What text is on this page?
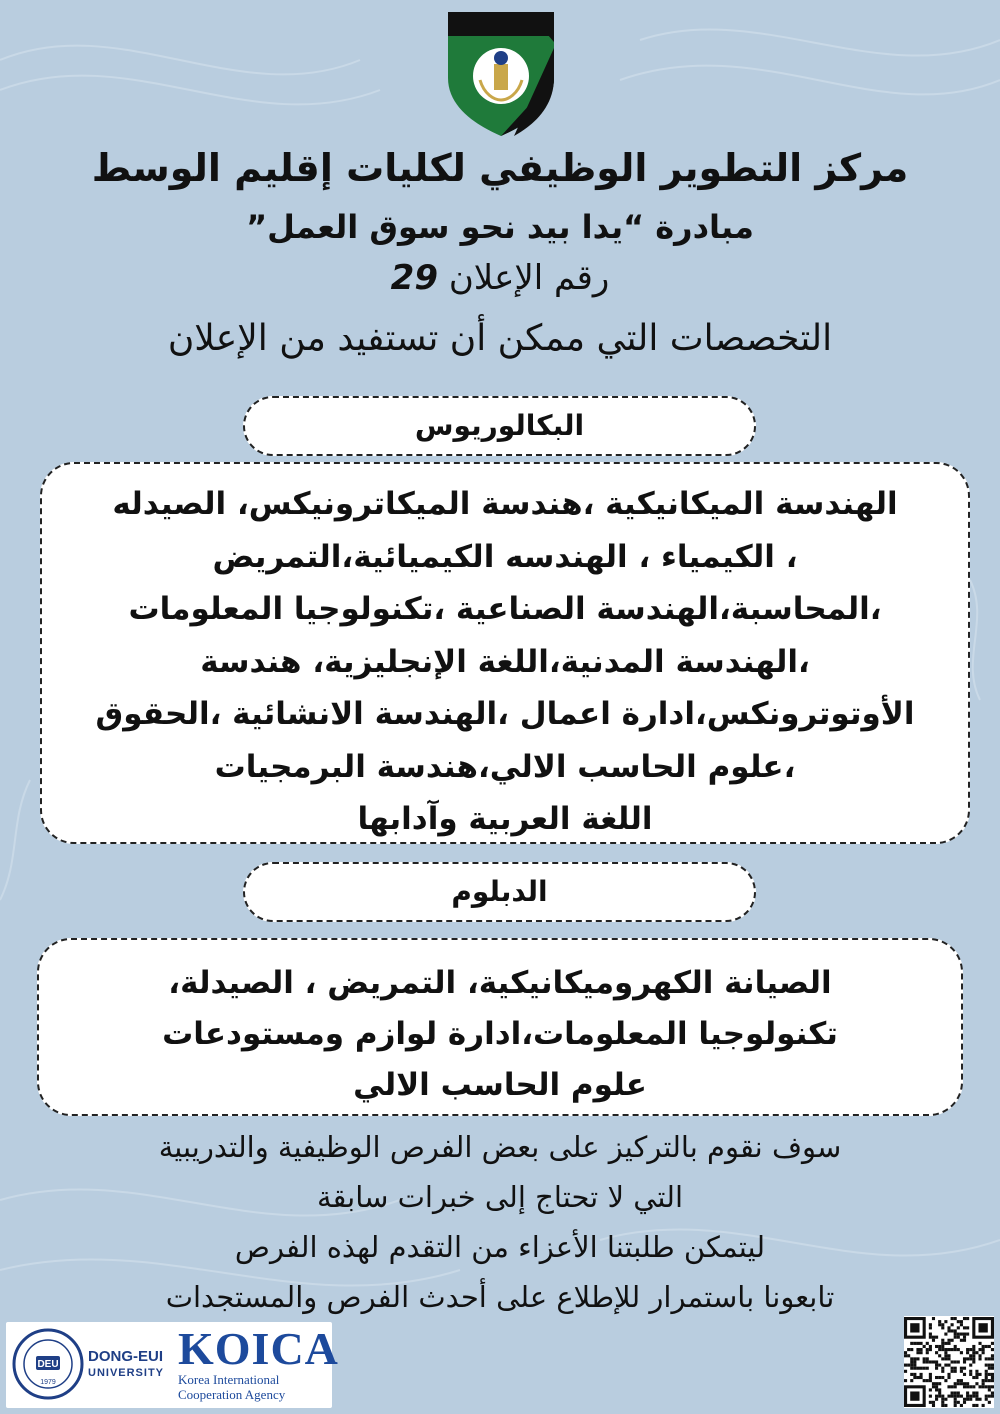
مركز التطوير الوظيفي لكليات إقليم الوسط
مبادرة “يدا بيد نحو سوق العمل”
رقم الإعلان 29
التخصصات التي ممكن أن تستفيد من الإعلان
البكالوريوس
الهندسة الميكانيكية ،هندسة الميكاترونيكس، الصيدله
، الكيمياء ، الهندسه الكيميائية،التمريض
،المحاسبة،الهندسة الصناعية ،تكنولوجيا المعلومات
،الهندسة المدنية،اللغة الإنجليزية، هندسة
الأوتوترونكس،ادارة اعمال ،الهندسة الانشائية ،الحقوق
،علوم الحاسب الالي،هندسة البرمجيات
اللغة العربية وآدابها
الدبلوم
الصيانة الكهروميكانيكية، التمريض ، الصيدلة،
تكنولوجيا المعلومات،ادارة لوازم ومستودعات
علوم الحاسب الالي
سوف نقوم بالتركيز على بعض الفرص الوظيفية والتدريبية
التي لا تحتاج إلى خبرات سابقة
ليتمكن طلبتنا الأعزاء من التقدم لهذه الفرص
تابعونا باستمرار للإطلاع على أحدث الفرص والمستجدات
DEU
1979
DONG-EUI
UNIVERSITY KOICA
Korea International
Cooperation Agency
